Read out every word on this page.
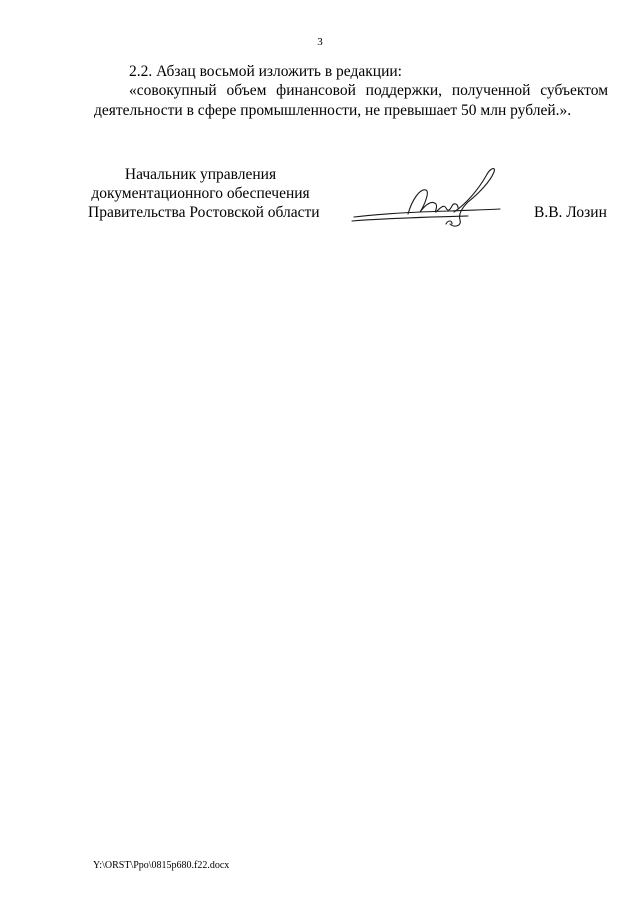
3
2.2. Абзац восьмой изложить в редакции:
«совокупный объем финансовой поддержки, полученной субъектом деятельности в сфере промышленности, не превышает 50 млн рублей.».
Начальник управления
документационного обеспечения
Правительства Ростовской области	В.В. Лозин
Y:\ORST\Ppo\0815p680.f22.docx
